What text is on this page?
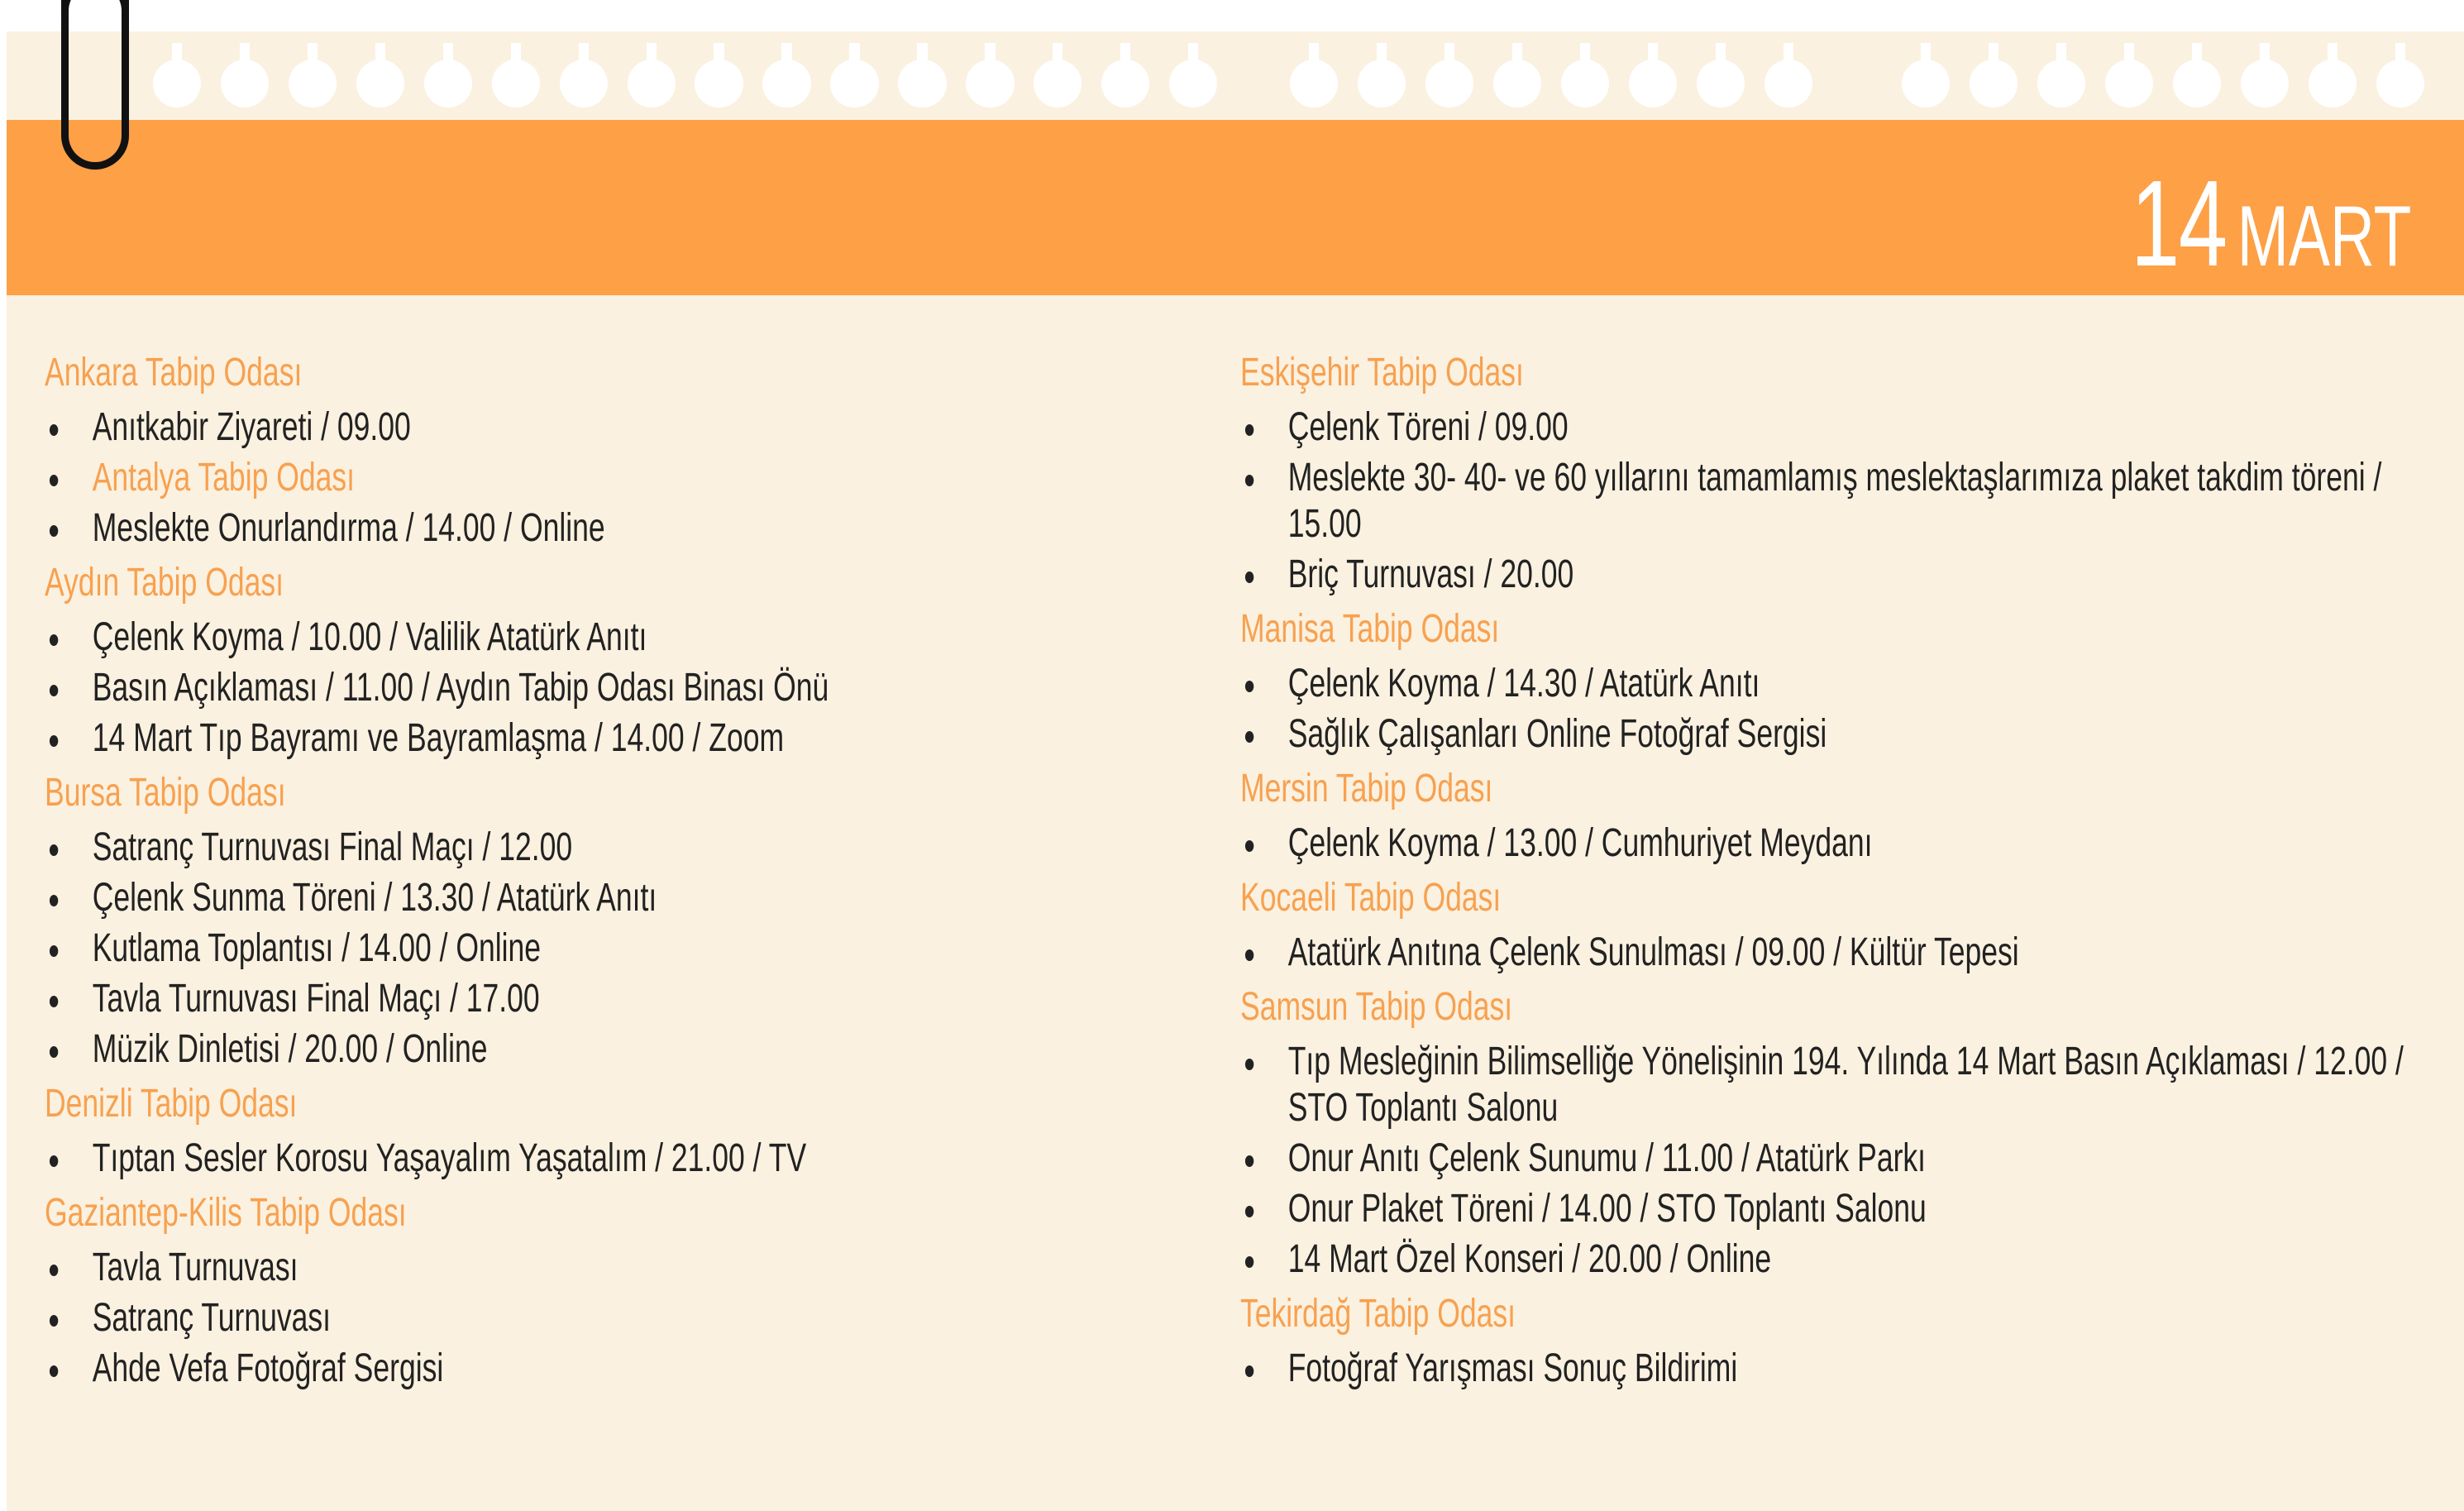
14 MART
Ankara Tabip Odası
Anıtkabir Ziyareti / 09.00
Antalya Tabip Odası
Meslekte Onurlandırma / 14.00 / Online
Aydın Tabip Odası
Çelenk Koyma / 10.00 / Valilik Atatürk Anıtı
Basın Açıklaması / 11.00 / Aydın Tabip Odası Binası Önü
14 Mart Tıp Bayramı ve Bayramlaşma / 14.00 / Zoom
Bursa Tabip Odası
Satranç Turnuvası Final Maçı / 12.00
Çelenk Sunma Töreni / 13.30 / Atatürk Anıtı
Kutlama Toplantısı / 14.00 / Online
Tavla Turnuvası Final Maçı / 17.00
Müzik Dinletisi / 20.00 / Online
Denizli Tabip Odası
Tıptan Sesler Korosu Yaşayalım Yaşatalım / 21.00 / TV
Gaziantep-Kilis Tabip Odası
Tavla Turnuvası
Satranç Turnuvası
Ahde Vefa Fotoğraf Sergisi
Eskişehir Tabip Odası
Çelenk Töreni / 09.00
Meslekte 30- 40- ve 60 yıllarını tamamlamış meslektaşlarımıza plaket takdim töreni / 15.00
Briç Turnuvası / 20.00
Manisa Tabip Odası
Çelenk Koyma / 14.30 / Atatürk Anıtı
Sağlık Çalışanları Online Fotoğraf Sergisi
Mersin Tabip Odası
Çelenk Koyma / 13.00 / Cumhuriyet Meydanı
Kocaeli Tabip Odası
Atatürk Anıtına Çelenk Sunulması / 09.00 / Kültür Tepesi
Samsun Tabip Odası
Tıp Mesleğinin Bilimselliğe Yönelişinin 194. Yılında 14 Mart Basın Açıklaması / 12.00 / STO Toplantı Salonu
Onur Anıtı Çelenk Sunumu / 11.00 / Atatürk Parkı
Onur Plaket Töreni / 14.00 / STO Toplantı Salonu
14 Mart Özel Konseri / 20.00 / Online
Tekirdağ Tabip Odası
Fotoğraf Yarışması Sonuç Bildirimi
